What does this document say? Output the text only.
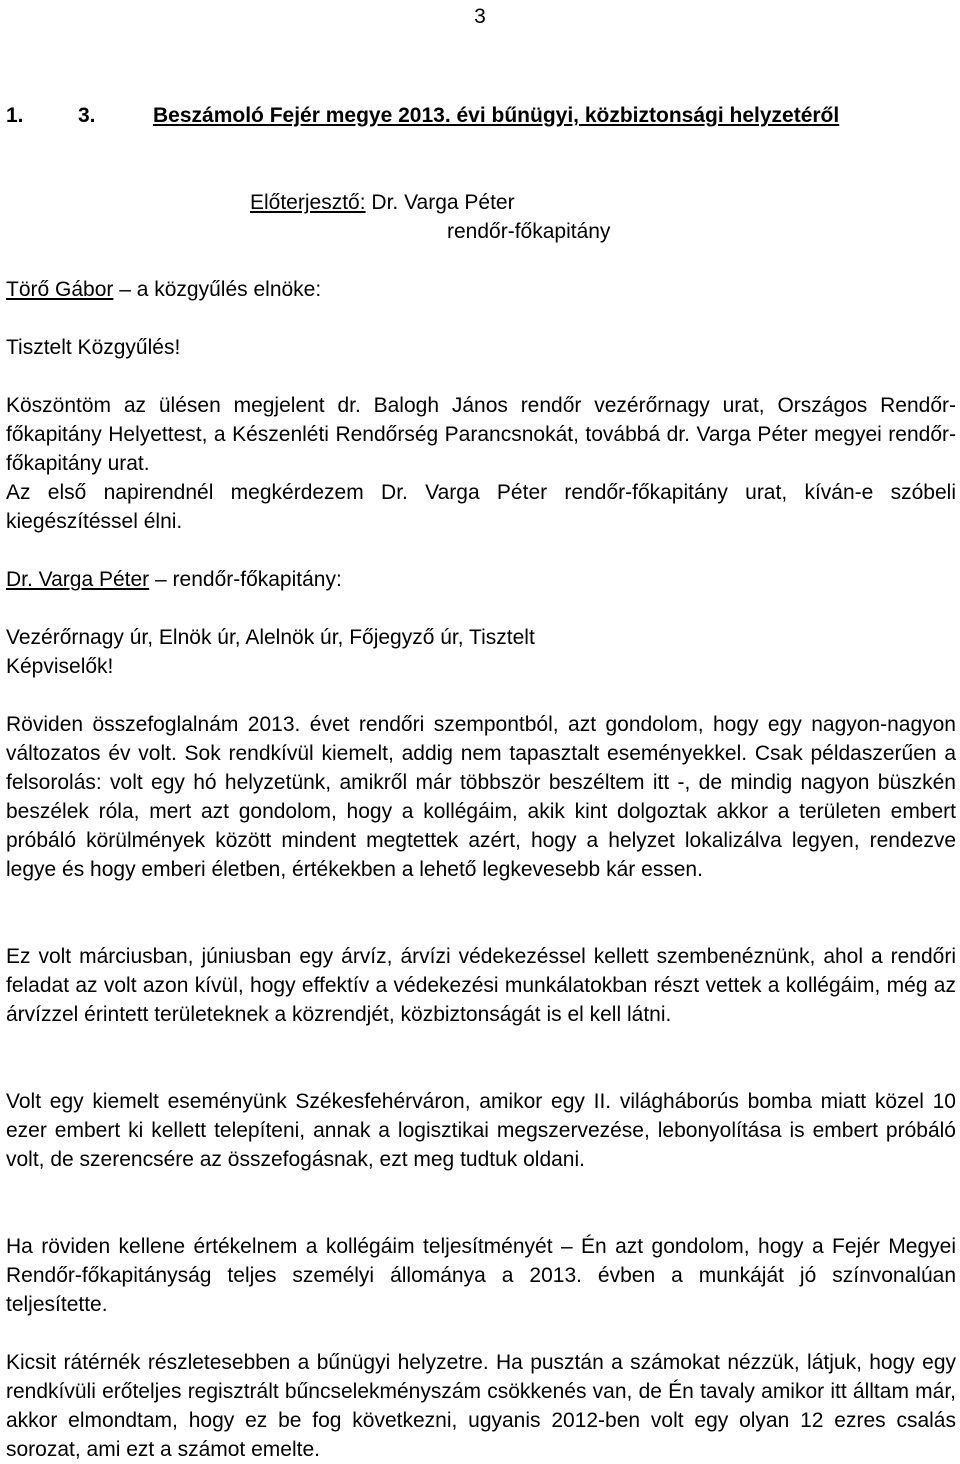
3
1.	3.	Beszámoló Fejér megye 2013. évi bűnügyi, közbiztonsági helyzetéről
Előterjesztő: Dr. Varga Péter
rendőr-főkapitány
Törő Gábor – a közgyűlés elnöke:
Tisztelt Közgyűlés!

Köszöntöm az ülésen megjelent dr. Balogh János rendőr vezérőrnagy urat, Országos Rendőr-főkapitány Helyettest, a Készenléti Rendőrség Parancsnokát, továbbá dr. Varga Péter megyei rendőr-főkapitány urat.

Az első napirendnél megkérdezem Dr. Varga Péter rendőr-főkapitány urat, kíván-e szóbeli kiegészítéssel élni.

Dr. Varga Péter – rendőr-főkapitány:
Vezérőrnagy úr, Elnök úr, Alelnök úr, Főjegyző úr, Tisztelt Képviselők!
Röviden összefoglalnám 2013. évet rendőri szempontból, azt gondolom, hogy egy nagyon-nagyon változatos év volt. Sok rendkívül kiemelt, addig nem tapasztalt eseményekkel. Csak példaszerűen a felsorolás: volt egy hó helyzetünk, amikről már többször beszéltem itt -, de mindig nagyon büszkén beszélek róla, mert azt gondolom, hogy a kollégáim, akik kint dolgoztak akkor a területen embert próbáló körülmények között mindent megtettek azért, hogy a helyzet lokalizálva legyen, rendezve legye és hogy emberi életben, értékekben a lehető legkevesebb kár essen.
Ez volt márciusban, júniusban egy árvíz, árvízi védekezéssel kellett szembenéznünk, ahol a rendőri feladat az volt azon kívül, hogy effektív a védekezési munkálatokban részt vettek a kollégáim, még az árvízzel érintett területeknek a közrendjét, közbiztonságát is el kell látni.
Volt egy kiemelt eseményünk Székesfehérváron, amikor egy II. világháborús bomba miatt közel 10 ezer embert ki kellett telepíteni, annak a logisztikai megszervezése, lebonyolítása is embert próbáló volt, de szerencsére az összefogásnak, ezt meg tudtuk oldani.
Ha röviden kellene értékelnem a kollégáim teljesítményét – Én azt gondolom, hogy a Fejér Megyei Rendőr-főkapitányság teljes személyi állománya a 2013. évben a munkáját jó színvonalúan teljesítette.
Kicsit rátérnék részletesebben a bűnügyi helyzetre. Ha pusztán a számokat nézzük, látjuk, hogy egy rendkívüli erőteljes regisztrált bűncselekményszám csökkenés van, de Én tavaly amikor itt álltam már, akkor elmondtam, hogy ez be fog következni, ugyanis 2012-ben volt egy olyan 12 ezres csalás sorozat, ami ezt a számot emelte.
